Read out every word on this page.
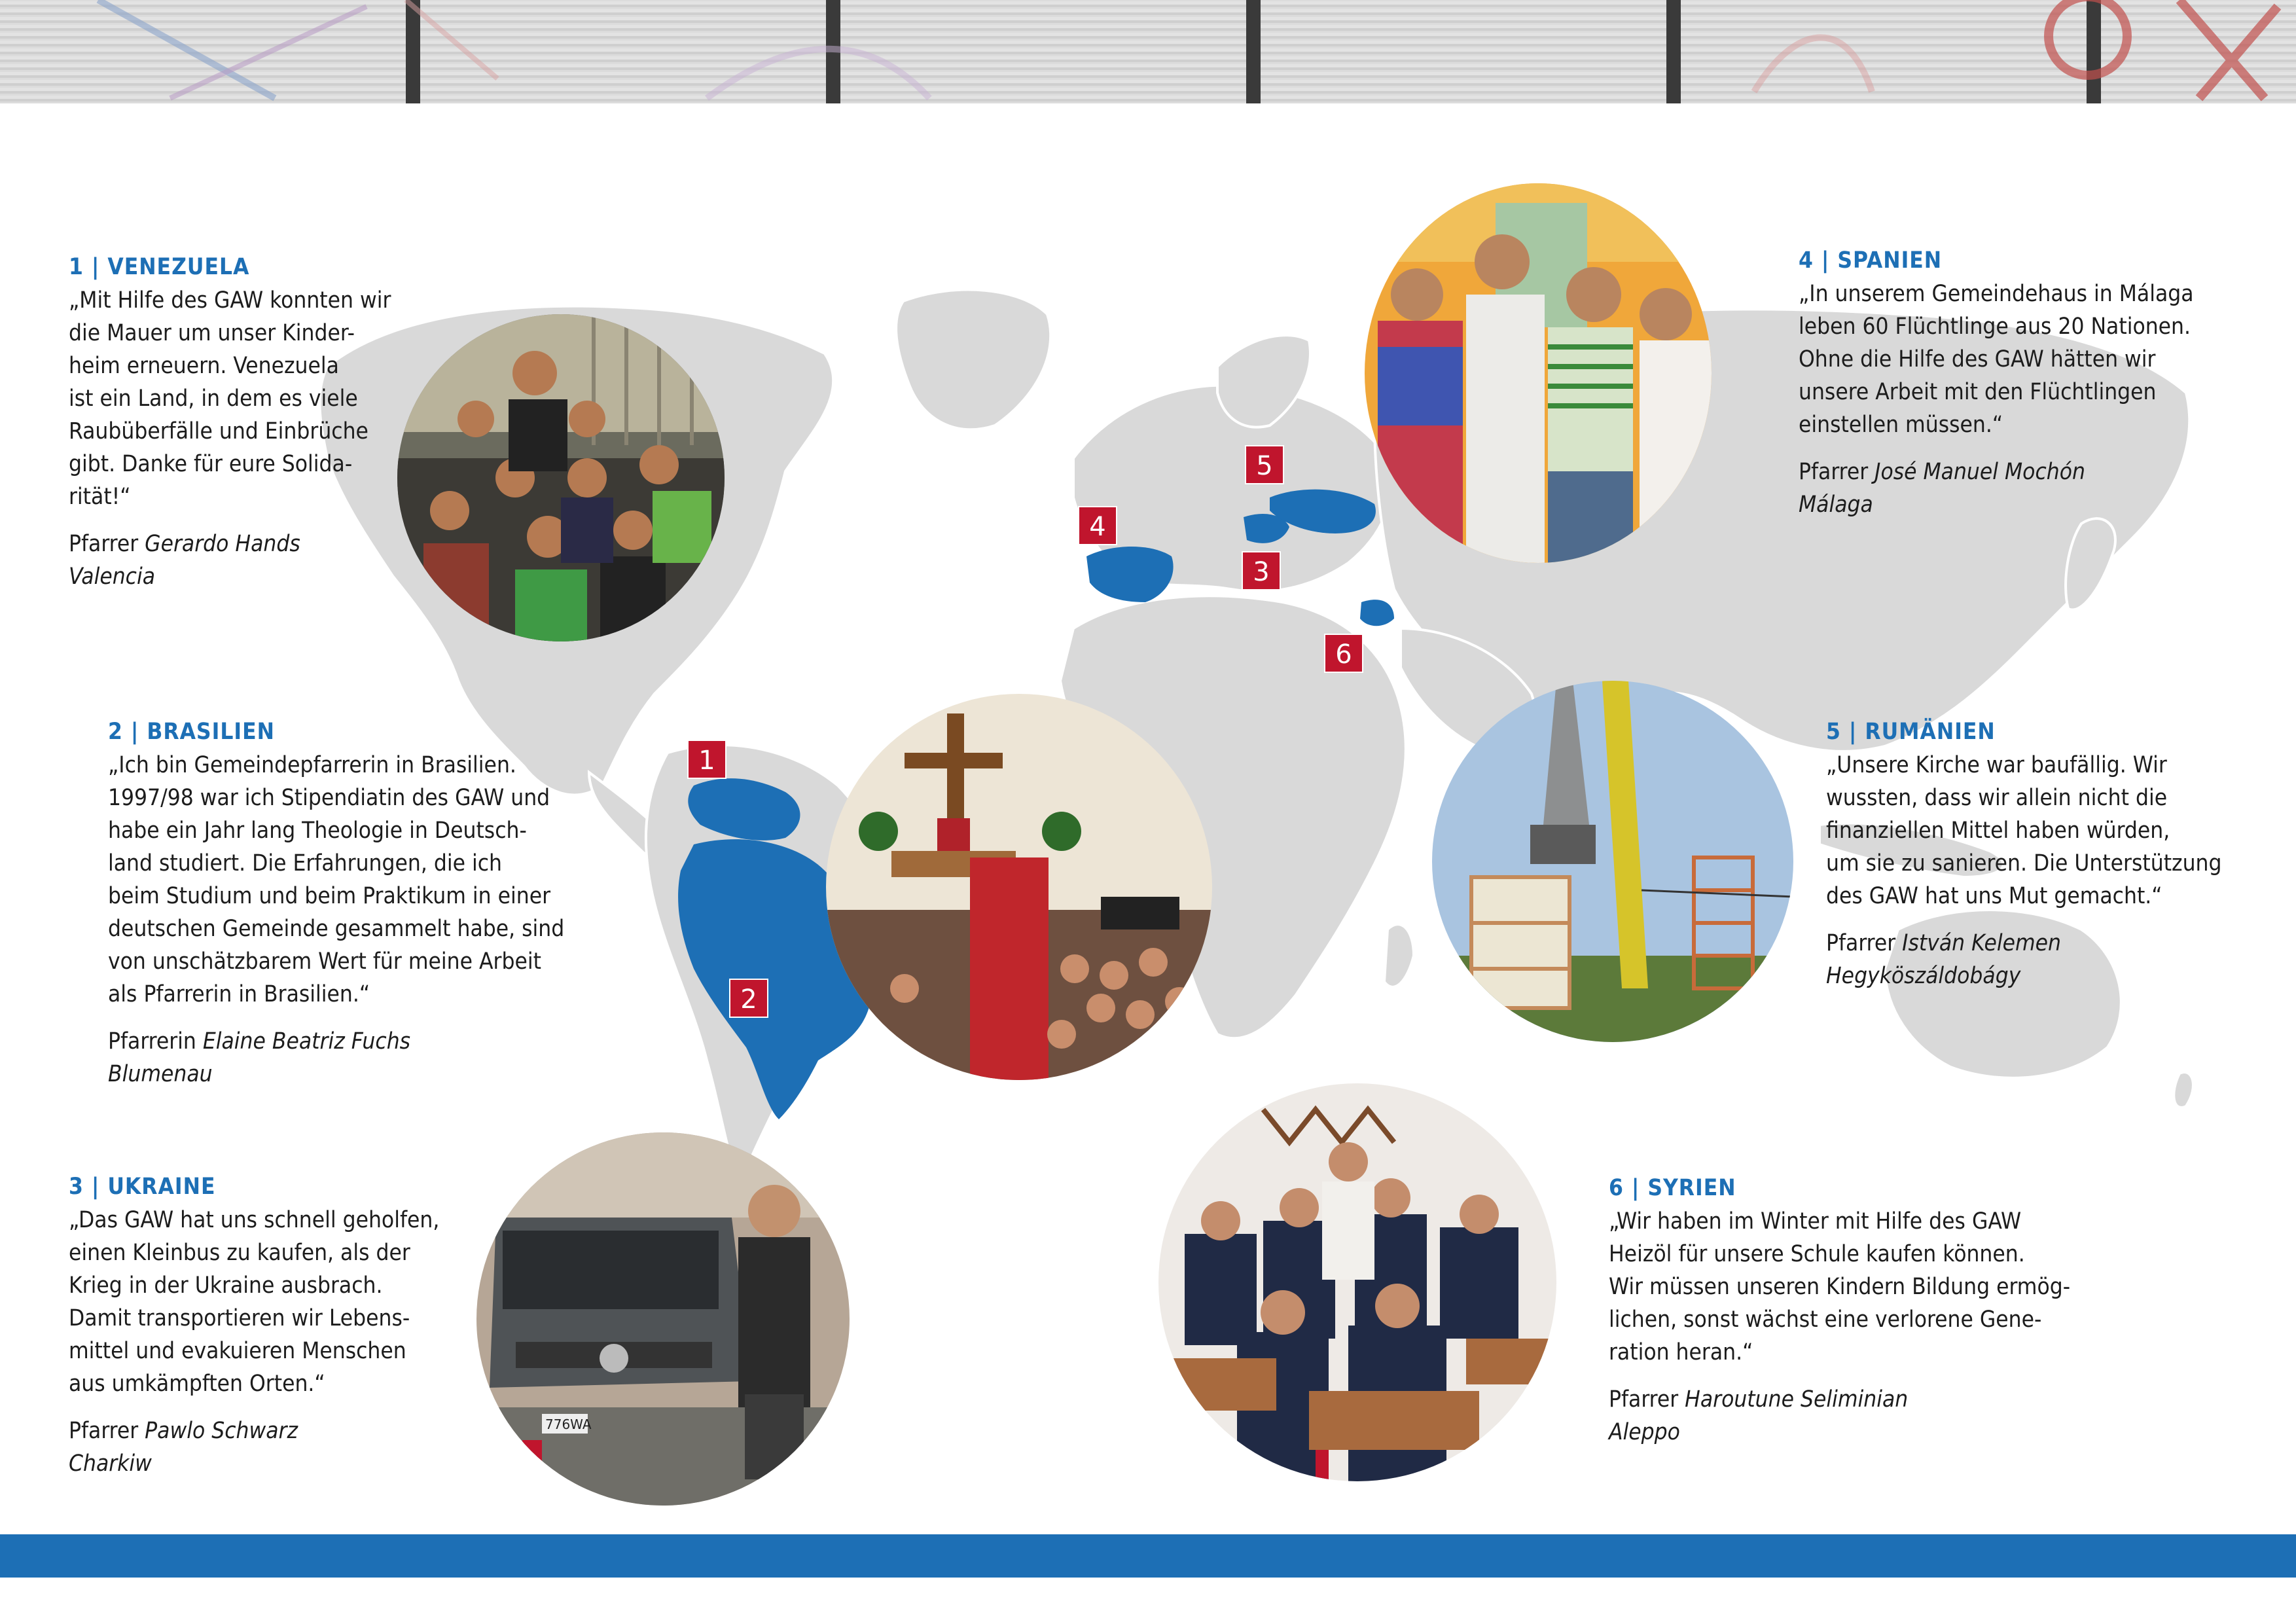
1
2
3
4
5
6
776WA
1 | VENEZUELA

„Mit Hilfe des GAW konnten wir
die Mauer um unser Kinder-
heim erneuern. Venezuela
ist ein Land, in dem es viele
Raubüberfälle und Einbrüche
gibt. Danke für eure Solida-
rität!“

Pfarrer Gerardo Hands
Valencia
2 | BRASILIEN

„Ich bin Gemeindepfarrerin in Brasilien.
1997/98 war ich Stipendiatin des GAW und
habe ein Jahr lang Theologie in Deutsch-
land studiert. Die Erfahrungen, die ich
beim Studium und beim Praktikum in einer
deutschen Gemeinde gesammelt habe, sind
von unschätzbarem Wert für meine Arbeit
als Pfarrerin in Brasilien.“

Pfarrerin Elaine Beatriz Fuchs
Blumenau
3 | UKRAINE

„Das GAW hat uns schnell geholfen,
einen Kleinbus zu kaufen, als der
Krieg in der Ukraine ausbrach.
Damit transportieren wir Lebens-
mittel und evakuieren Menschen
aus umkämpften Orten.“

Pfarrer Pawlo Schwarz
Charkiw
4 | SPANIEN

„In unserem Gemeindehaus in Málaga
leben 60 Flüchtlinge aus 20 Nationen.
Ohne die Hilfe des GAW hätten wir
unsere Arbeit mit den Flüchtlingen
einstellen müssen.“

Pfarrer José Manuel Mochón
Málaga
5 | RUMÄNIEN

„Unsere Kirche war baufällig. Wir
wussten, dass wir allein nicht die
finanziellen Mittel haben würden,
um sie zu sanieren. Die Unterstützung
des GAW hat uns Mut gemacht.“

Pfarrer István Kelemen
Hegyköszáldobágy
6 | SYRIEN

„Wir haben im Winter mit Hilfe des GAW
Heizöl für unsere Schule kaufen können.
Wir müssen unseren Kindern Bildung ermög-
lichen, sonst wächst eine verlorene Gene-
ration heran.“

Pfarrer Haroutune Seliminian
Aleppo
